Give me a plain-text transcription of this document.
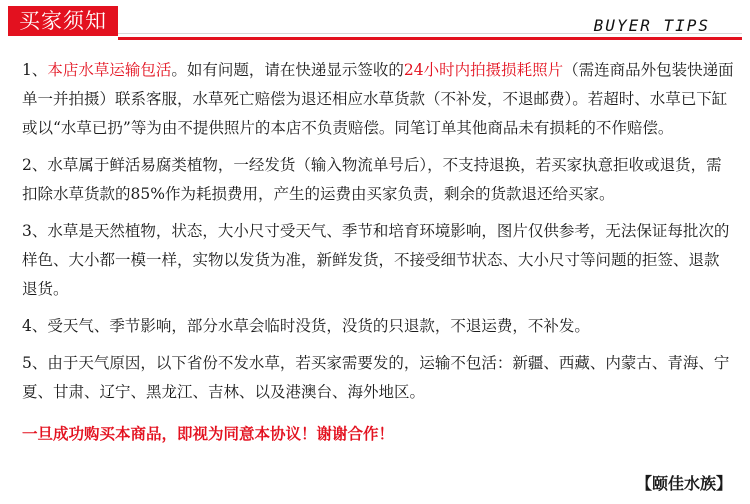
买家须知	BUYER TIPS

1、本店水草运输包活。如有问题，请在快递显示签收的24小时内拍摄损耗照片（需连商品外包装快递面单一并拍摄）联系客服，水草死亡赔偿为退还相应水草货款（不补发，不退邮费）。若超时、水草已下缸或以“水草已扔”等为由不提供照片的本店不负责赔偿。同笔订单其他商品未有损耗的不作赔偿。

2、水草属于鲜活易腐类植物，一经发货（输入物流单号后），不支持退换，若买家执意拒收或退货，需扣除水草货款的85%作为耗损费用，产生的运费由买家负责，剩余的货款退还给买家。

3、水草是天然植物，状态，大小尺寸受天气、季节和培育环境影响，图片仅供参考，无法保证每批次的样色、大小都一模一样，实物以发货为准，新鲜发货，不接受细节状态、大小尺寸等问题的拒签、退款退货。

4、受天气、季节影响，部分水草会临时没货，没货的只退款，不退运费，不补发。

5、由于天气原因，以下省份不发水草，若买家需要发的，运输不包活：新疆、西藏、内蒙古、青海、宁夏、甘肃、辽宁、黑龙江、吉林、以及港澳台、海外地区。

一旦成功购买本商品，即视为同意本协议！谢谢合作！

【颐佳水族】
